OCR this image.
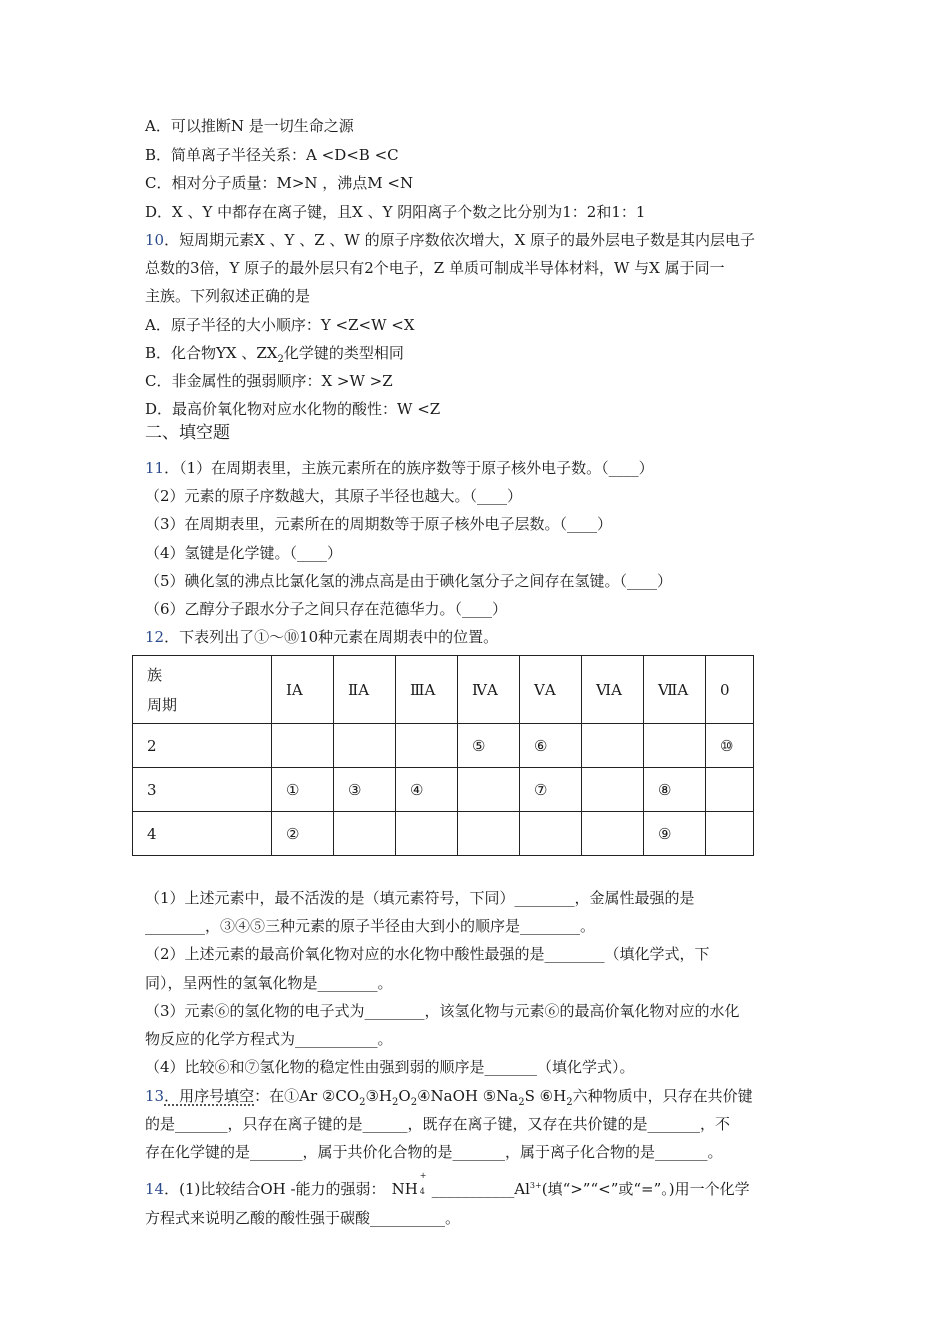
A．可以推断N 是一切生命之源
B．简单离子半径关系：A <D<B <C
C．相对分子质量：M>N ，沸点M <N
D．X 、Y 中都存在离子键，且X 、Y 阴阳离子个数之比分别为1：2和1：1
10．短周期元素X 、Y 、Z 、W 的原子序数依次增大，X 原子的最外层电子数是其内层电子
总数的3倍，Y 原子的最外层只有2个电子，Z 单质可制成半导体材料，W 与X 属于同一
主族。下列叙述正确的是
A．原子半径的大小顺序：Y <Z<W <X
B．化合物YX 、$ZX_2$化学键的类型相同
C．非金属性的强弱顺序：X >W >Z
D．最高价氧化物对应水化物的酸性：W <Z
二、填空题
11．（1）在周期表里，主族元素所在的族序数等于原子核外电子数。（____）
（2）元素的原子序数越大，其原子半径也越大。（____）
（3）在周期表里，元素所在的周期数等于原子核外电子层数。（____）
（4）氢键是化学键。（____）
（5）碘化氢的沸点比氯化氢的沸点高是由于碘化氢分子之间存在氢键。（____）
（6）乙醇分子跟水分子之间只存在范德华力。（____）
12．下表列出了①～⑩10种元素在周期表中的位置。
族
周期	ⅠA	ⅡA	ⅢA	ⅣA	ⅤA	ⅥA	ⅦA	0
2				⑤	⑥			⑩
3	①	③	④		⑦		⑧	
4	②						⑨	
（1）上述元素中，最不活泼的是（填元素符号，下同）________，金属性最强的是
________，③④⑤三种元素的原子半径由大到小的顺序是________。
（2）上述元素的最高价氧化物对应的水化物中酸性最强的是________（填化学式，下
同），呈两性的氢氧化物是________。
（3）元素⑥的氢化物的电子式为________，该氢化物与元素⑥的最高价氧化物对应的水化
物反应的化学方程式为___________。
（4）比较⑥和⑦氢化物的稳定性由强到弱的顺序是_______（填化学式）。
13．用序号填空：在①Ar $②CO_2③H_2O_2④NaOH$ $⑤Na_2S$ $⑥H_2$六种物质中，只存在共价键
的是_______，只存在离子键的是______，既存在离子键，又存在共价键的是_______，不
存在化学键的是_______，属于共价化合物的是_______，属于离子化合物的是_______。
14．(1)比较结合OH -能力的强弱： NH
+
4 $\_\_\_\_\_\_\_\_\_\_\_Al^{3+}$(填“>”“<”或“=”。)用一个化学
方程式来说明乙酸的酸性强于碳酸__________。
